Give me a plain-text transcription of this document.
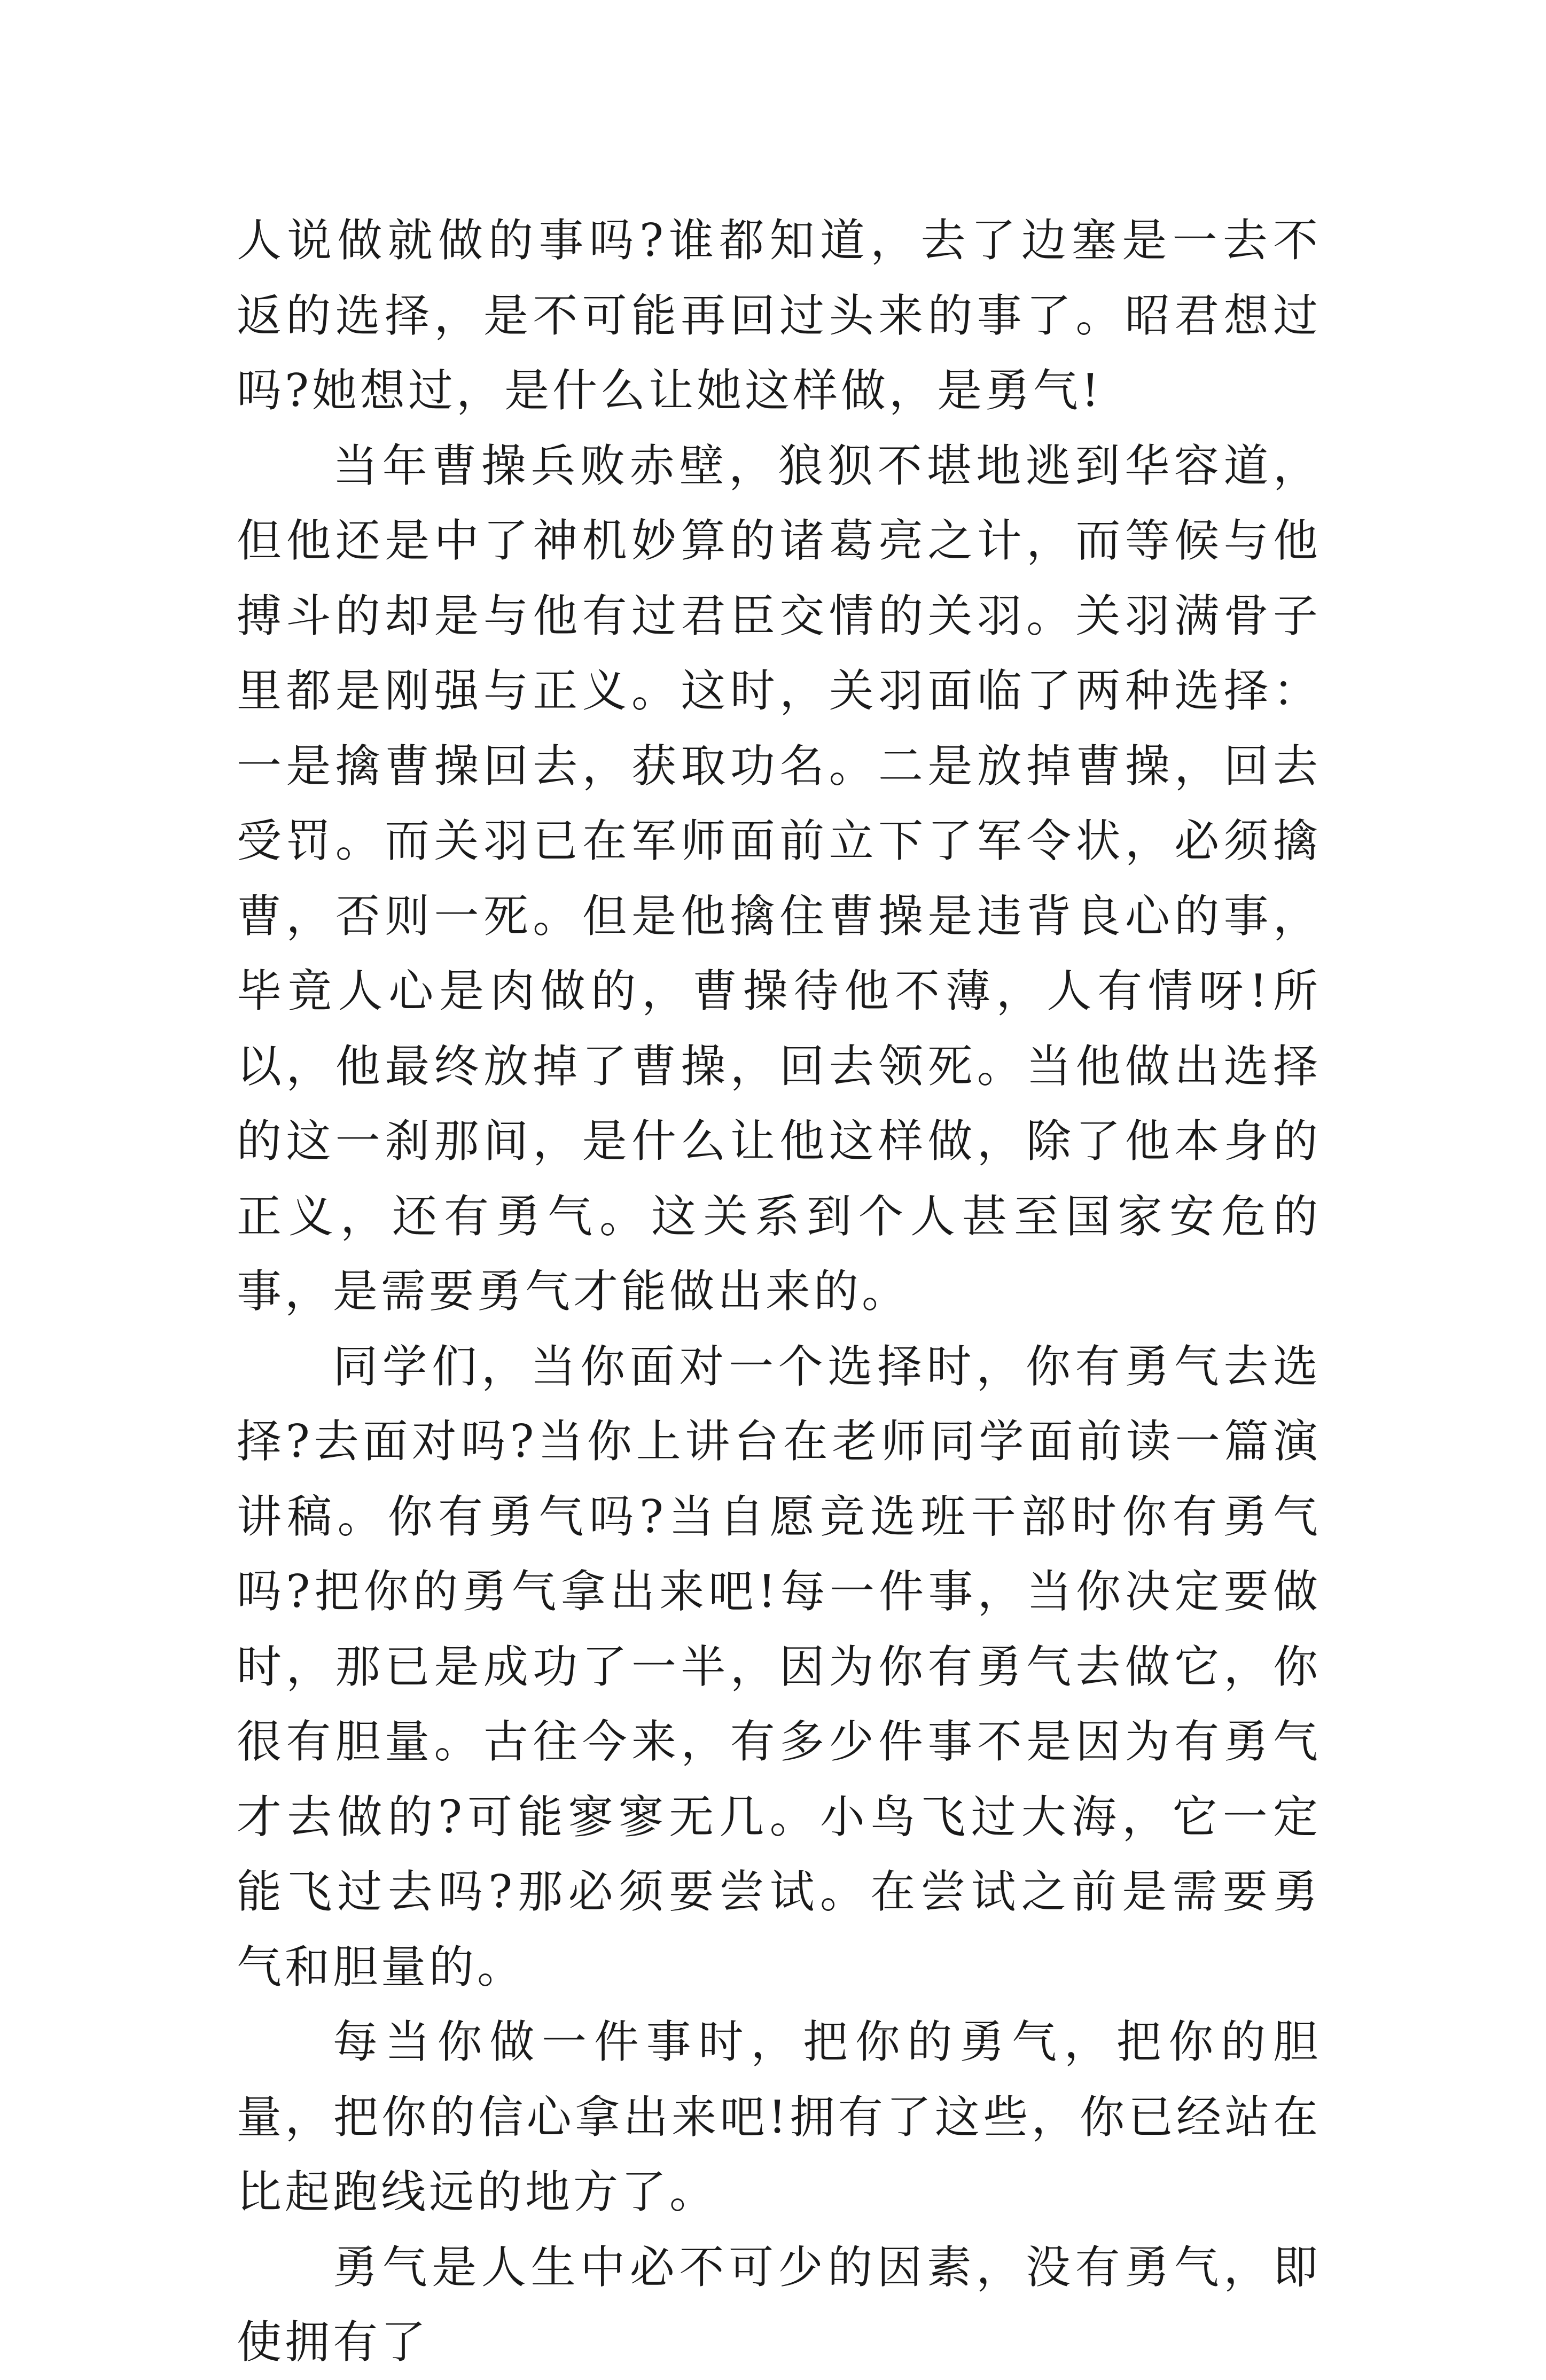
人说做就做的事吗?谁都知道，去了边塞是一去不返的选择，是不可能再回过头来的事了。昭君想过吗?她想过，是什么让她这样做，是勇气!

当年曹操兵败赤壁，狼狈不堪地逃到华容道，但他还是中了神机妙算的诸葛亮之计，而等候与他搏斗的却是与他有过君臣交情的关羽。关羽满骨子里都是刚强与正义。这时，关羽面临了两种选择：一是擒曹操回去，获取功名。二是放掉曹操，回去受罚。而关羽已在军师面前立下了军令状，必须擒曹，否则一死。但是他擒住曹操是违背良心的事，毕竟人心是肉做的，曹操待他不薄，人有情呀!所以，他最终放掉了曹操，回去领死。当他做出选择的这一刹那间，是什么让他这样做，除了他本身的正义，还有勇气。这关系到个人甚至国家安危的事，是需要勇气才能做出来的。

同学们，当你面对一个选择时，你有勇气去选择?去面对吗?当你上讲台在老师同学面前读一篇演讲稿。你有勇气吗?当自愿竞选班干部时你有勇气吗?把你的勇气拿出来吧!每一件事，当你决定要做时，那已是成功了一半，因为你有勇气去做它，你很有胆量。古往今来，有多少件事不是因为有勇气才去做的?可能寥寥无几。小鸟飞过大海，它一定能飞过去吗?那必须要尝试。在尝试之前是需要勇气和胆量的。

每当你做一件事时，把你的勇气，把你的胆量，把你的信心拿出来吧!拥有了这些，你已经站在比起跑线远的地方了。

勇气是人生中必不可少的因素，没有勇气，即使拥有了
